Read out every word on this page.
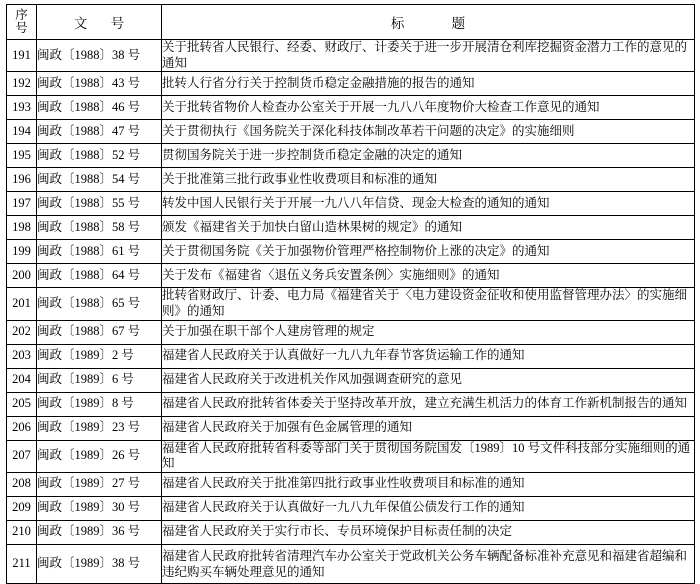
序
号	文 号	标 题
191	闽政〔1988〕38 号	关于批转省人民银行、经委、财政厅、计委关于进一步开展清仓利库挖掘资金潜力工作的意见的通知
192	闽政〔1988〕43 号	批转人行省分行关于控制货币稳定金融措施的报告的通知
193	闽政〔1988〕46 号	关于批转省物价人检查办公室关于开展一九八八年度物价大检查工作意见的通知
194	闽政〔1988〕47 号	关于贯彻执行《国务院关于深化科技体制改革若干问题的决定》的实施细则
195	闽政〔1988〕52 号	贯彻国务院关于进一步控制货币稳定金融的决定的通知
196	闽政〔1988〕54 号	关于批准第三批行政事业性收费项目和标准的通知
197	闽政〔1988〕55 号	转发中国人民银行关于开展一九八八年信贷、现金大检查的通知的通知
198	闽政〔1988〕58 号	颁发《福建省关于加快白留山造林果树的规定》的通知
199	闽政〔1988〕61 号	关于贯彻国务院《关于加强物价管理严格控制物价上涨的决定》的通知
200	闽政〔1988〕64 号	关于发布《福建省〈退伍义务兵安置条例〉实施细则》的通知
201	闽政〔1988〕65 号	批转省财政厅、计委、电力局《福建省关于〈电力建设资金征收和使用监督管理办法〉的实施细则》的通知
202	闽政〔1988〕67 号	关于加强在职干部个人建房管理的规定
203	闽政〔1989〕2 号	福建省人民政府关于认真做好一九八九年春节客货运输工作的通知
204	闽政〔1989〕6 号	福建省人民政府关于改进机关作风加强调查研究的意见
205	闽政〔1989〕8 号	福建省人民政府批转省体委关于坚持改革开放，建立充满生机活力的体育工作新机制报告的通知
206	闽政〔1989〕23 号	福建省人民政府关于加强有色金属管理的通知
207	闽政〔1989〕26 号	福建省人民政府批转省科委等部门关于贯彻国务院国发〔1989〕10 号文件科技部分实施细则的通知
208	闽政〔1989〕27 号	福建省人民政府关于批准第四批行政事业性收费项目和标准的通知
209	闽政〔1989〕30 号	福建省人民政府关于认真做好一九八九年保值公债发行工作的通知
210	闽政〔1989〕36 号	福建省人民政府关于实行市长、专员环境保护目标责任制的决定
211	闽政〔1989〕38 号	福建省人民政府批转省清理汽车办公室关于党政机关公务车辆配备标准补充意见和福建省超编和违纪购买车辆处理意见的通知
